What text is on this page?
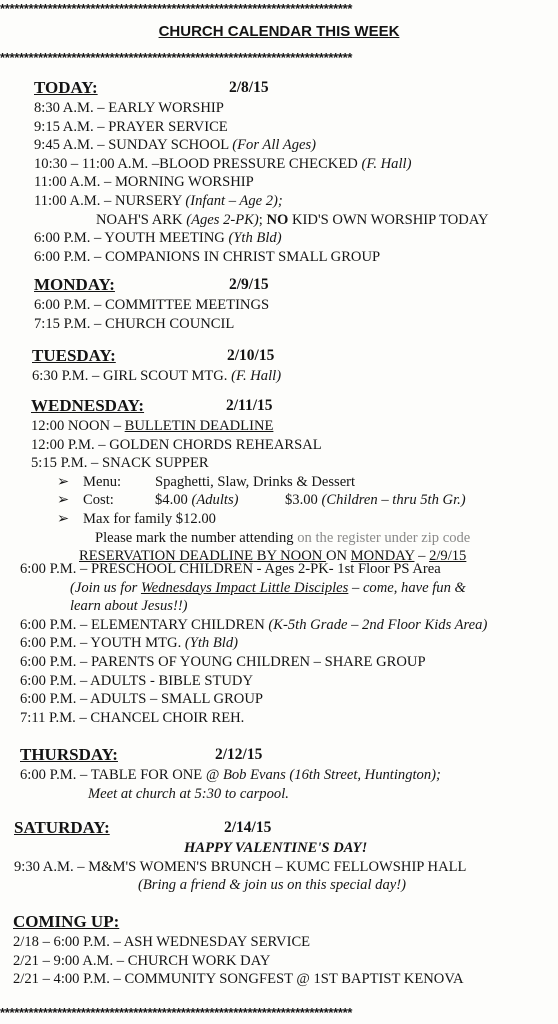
**************************************************************************
CHURCH CALENDAR THIS WEEK
**************************************************************************
TODAY:	2/8/15
8:30 A.M. – EARLY WORSHIP
9:15 A.M. – PRAYER SERVICE
9:45 A.M. – SUNDAY SCHOOL (For All Ages)
10:30 – 11:00 A.M. –BLOOD PRESSURE CHECKED (F. Hall)
11:00 A.M. – MORNING WORSHIP
11:00 A.M. – NURSERY (Infant – Age 2);
NOAH'S ARK (Ages 2-PK); NO KID'S OWN WORSHIP TODAY
6:00 P.M. – YOUTH MEETING (Yth Bld)
6:00 P.M. – COMPANIONS IN CHRIST SMALL GROUP
MONDAY:	2/9/15
6:00 P.M. – COMMITTEE MEETINGS
7:15 P.M. – CHURCH COUNCIL
TUESDAY:	2/10/15
6:30 P.M. – GIRL SCOUT MTG. (F. Hall)
WEDNESDAY:	2/11/15
12:00 NOON – BULLETIN DEADLINE
12:00 P.M. – GOLDEN CHORDS REHEARSAL
5:15 P.M. – SNACK SUPPER
➢ Menu: Spaghetti, Slaw, Drinks & Dessert
➢ Cost:	$4.00 (Adults)	$3.00 (Children – thru 5th Gr.)
➢ Max for family $12.00
Please mark the number attending on the register under zip code
RESERVATION DEADLINE BY NOON ON MONDAY – 2/9/15
6:00 P.M. – PRESCHOOL CHILDREN - Ages 2-PK- 1st Floor PS Area
(Join us for Wednesdays Impact Little Disciples – come, have fun &
learn about Jesus!!)
6:00 P.M. – ELEMENTARY CHILDREN (K-5th Grade – 2nd Floor Kids Area)
6:00 P.M. – YOUTH MTG. (Yth Bld)
6:00 P.M. – PARENTS OF YOUNG CHILDREN – SHARE GROUP
6:00 P.M. – ADULTS - BIBLE STUDY
6:00 P.M. – ADULTS – SMALL GROUP
7:11 P.M. – CHANCEL CHOIR REH.
THURSDAY:	2/12/15
6:00 P.M. – TABLE FOR ONE @ Bob Evans (16th Street, Huntington);
Meet at church at 5:30 to carpool.
SATURDAY:	2/14/15
HAPPY VALENTINE'S DAY!
9:30 A.M. – M&M'S WOMEN'S BRUNCH – KUMC FELLOWSHIP HALL
(Bring a friend & join us on this special day!)
COMING UP:
2/18 – 6:00 P.M. – ASH WEDNESDAY SERVICE
2/21 – 9:00 A.M. – CHURCH WORK DAY
2/21 – 4:00 P.M. – COMMUNITY SONGFEST @ 1ST BAPTIST KENOVA
**************************************************************************
